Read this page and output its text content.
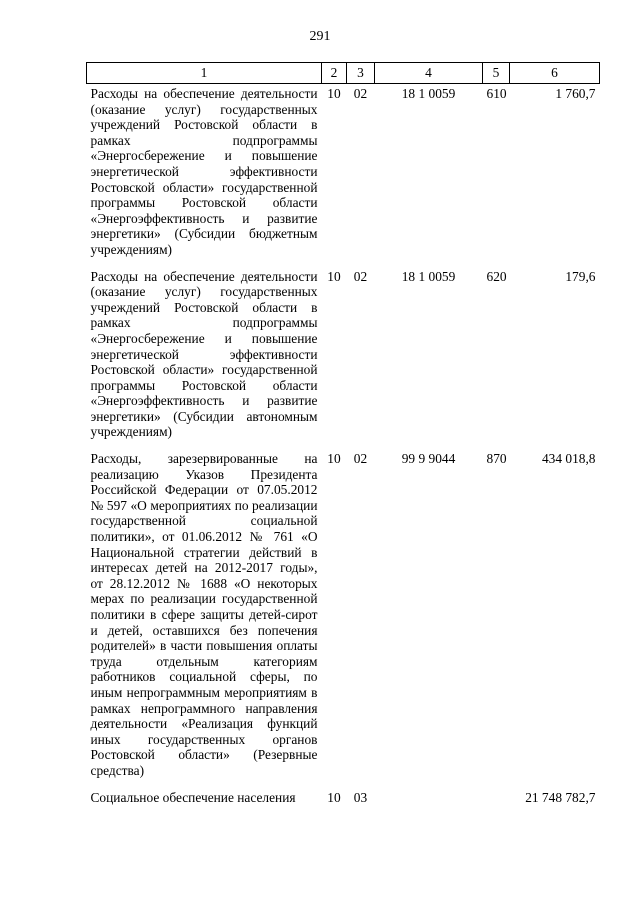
291
1	2	3	4	5	6
Расходы на обеспечение деятельности (оказание услуг) государственных учреждений Ростовской области в рамках подпрограммы «Энергосбережение и повышение энергетической эффективности Ростовской области» государственной программы Ростовской области «Энергоэффективность и развитие энергетики» (Субсидии бюджетным учреждениям)	10	02	18 1 0059	610	1 760,7
Расходы на обеспечение деятельности (оказание услуг) государственных учреждений Ростовской области в рамках подпрограммы «Энергосбережение и повышение энергетической эффективности Ростовской области» государственной программы Ростовской области «Энергоэффективность и развитие энергетики» (Субсидии автономным учреждениям)	10	02	18 1 0059	620	179,6
Расходы, зарезервированные на реализацию Указов Президента Российской Федерации от 07.05.2012 № 597 «О мероприятиях по реализации государственной социальной политики», от 01.06.2012 № 761 «О Национальной стратегии действий в интересах детей на 2012-2017 годы», от 28.12.2012 № 1688 «О некоторых мерах по реализации государственной политики в сфере защиты детей-сирот и детей, оставшихся без попечения родителей» в части повышения оплаты труда отдельным категориям работников социальной сферы, по иным непрограммным мероприятиям в рамках непрограммного направления деятельности «Реализация функций иных государственных органов Ростовской области» (Резервные средства)	10	02	99 9 9044	870	434 018,8
Социальное обеспечение населения	10	03			21 748 782,7
